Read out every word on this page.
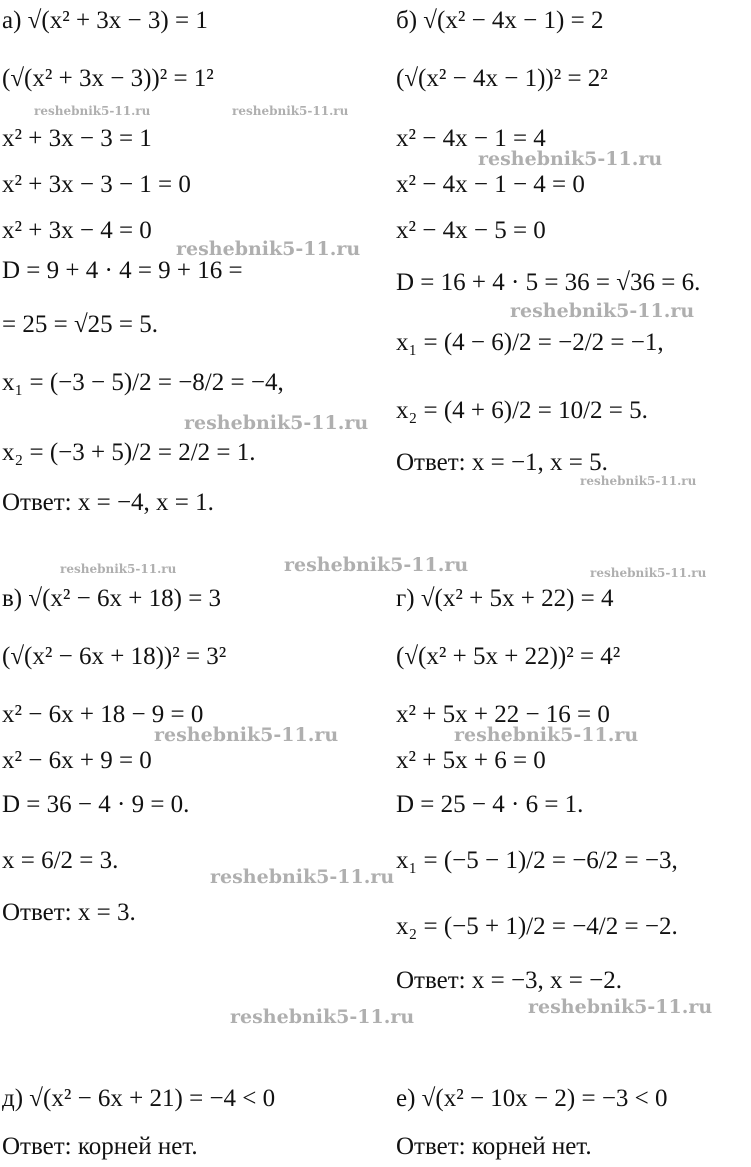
а) √(x² + 3x − 3) = 1
(√(x² + 3x − 3))² = 1²
x² + 3x − 3 = 1
x² + 3x − 3 − 1 = 0
x² + 3x − 4 = 0
D = 9 + 4 · 4 = 9 + 16 =
= 25 = √25 = 5.
x₁ = (−3 − 5)/2 = −8/2 = −4,
x₂ = (−3 + 5)/2 = 2/2 = 1.
Ответ: x = −4, x = 1.
б) √(x² − 4x − 1) = 2
(√(x² − 4x − 1))² = 2²
x² − 4x − 1 = 4
x² − 4x − 1 − 4 = 0
x² − 4x − 5 = 0
D = 16 + 4 · 5 = 36 = √36 = 6.
x₁ = (4 − 6)/2 = −2/2 = −1,
x₂ = (4 + 6)/2 = 10/2 = 5.
Ответ: x = −1, x = 5.
в) √(x² − 6x + 18) = 3
(√(x² − 6x + 18))² = 3²
x² − 6x + 18 − 9 = 0
x² − 6x + 9 = 0
D = 36 − 4 · 9 = 0.
x = 6/2 = 3.
Ответ: x = 3.
г) √(x² + 5x + 22) = 4
(√(x² + 5x + 22))² = 4²
x² + 5x + 22 − 16 = 0
x² + 5x + 6 = 0
D = 25 − 4 · 6 = 1.
x₁ = (−5 − 1)/2 = −6/2 = −3,
x₂ = (−5 + 1)/2 = −4/2 = −2.
Ответ: x = −3, x = −2.
д) √(x² − 6x + 21) = −4 < 0
Ответ: корней нет.
е) √(x² − 10x − 2) = −3 < 0
Ответ: корней нет.
reshebnik5-11.ru	reshebnik5-11.ru
reshebnik5-11.ru
reshebnik5-11.ru
reshebnik5-11.ru
reshebnik5-11.ru
reshebnik5-11.ru
reshebnik5-11.ru	reshebnik5-11.ru	reshebnik5-11.ru
reshebnik5-11.ru	reshebnik5-11.ru
reshebnik5-11.ru
reshebnik5-11.ru
reshebnik5-11.ru
